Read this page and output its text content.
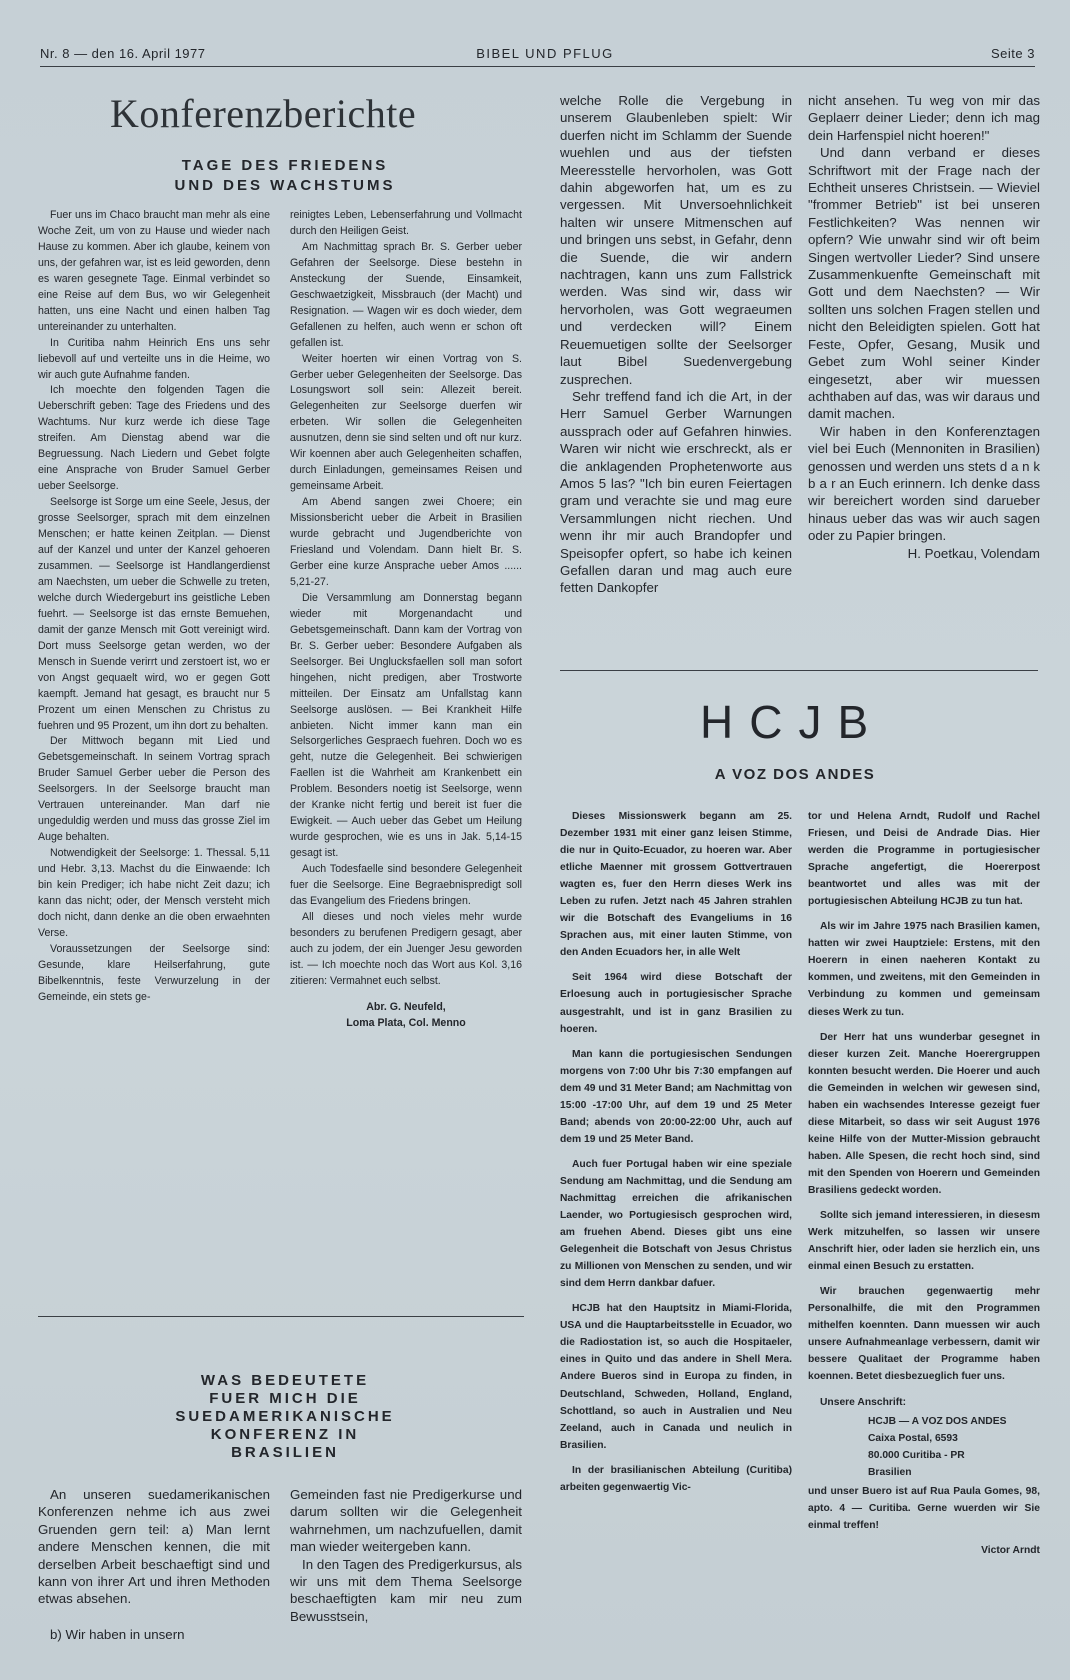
Nr. 8 — den 16. April 1977	BIBEL UND PFLUG	Seite 3
Konferenzberichte
TAGE DES FRIEDENS
UND DES WACHSTUMS

Fuer uns im Chaco braucht man mehr als eine Woche Zeit, um von zu Hause und wieder nach Hause zu kommen. Aber ich glaube, keinem von uns, der gefahren war, ist es leid geworden, denn es waren gesegnete Tage. Einmal verbindet so eine Reise auf dem Bus, wo wir Gelegenheit hatten, uns eine Nacht und einen halben Tag untereinander zu unterhalten.

In Curitiba nahm Heinrich Ens uns sehr liebevoll auf und verteilte uns in die Heime, wo wir auch gute Aufnahme fanden.

Ich moechte den folgenden Tagen die Ueberschrift geben: Tage des Friedens und des Wachtums. Nur kurz werde ich diese Tage streifen. Am Dienstag abend war die Begruessung. Nach Liedern und Gebet folgte eine Ansprache von Bruder Samuel Gerber ueber Seelsorge.

Seelsorge ist Sorge um eine Seele, Jesus, der grosse Seelsorger, sprach mit dem einzelnen Menschen; er hatte keinen Zeitplan. — Dienst auf der Kanzel und unter der Kanzel gehoeren zusammen. — Seelsorge ist Handlangerdienst am Naechsten, um ueber die Schwelle zu treten, welche durch Wiedergeburt ins geistliche Leben fuehrt. — Seelsorge ist das ernste Bemuehen, damit der ganze Mensch mit Gott vereinigt wird. Dort muss Seelsorge getan werden, wo der Mensch in Suende verirrt und zerstoert ist, wo er von Angst gequaelt wird, wo er gegen Gott kaempft. Jemand hat gesagt, es braucht nur 5 Prozent um einen Menschen zu Christus zu fuehren und 95 Prozent, um ihn dort zu behalten.

Der Mittwoch begann mit Lied und Gebetsgemeinschaft. In seinem Vortrag sprach Bruder Samuel Gerber ueber die Person des Seelsorgers. In der Seelsorge braucht man Vertrauen untereinander. Man darf nie ungeduldig werden und muss das grosse Ziel im Auge behalten.

Notwendigkeit der Seelsorge: 1. Thessal. 5,11 und Hebr. 3,13. Machst du die Einwaende: Ich bin kein Prediger; ich habe nicht Zeit dazu; ich kann das nicht; oder, der Mensch versteht mich doch nicht, dann denke an die oben erwaehnten Verse.

Voraussetzungen der Seelsorge sind: Gesunde, klare Heilserfahrung, gute Bibelkenntnis, feste Verwurzelung in der Gemeinde, ein stets ge-

reinigtes Leben, Lebenserfahrung und Vollmacht durch den Heiligen Geist.

Am Nachmittag sprach Br. S. Gerber ueber Gefahren der Seelsorge. Diese bestehn in Ansteckung der Suende, Einsamkeit, Geschwaetzigkeit, Missbrauch (der Macht) und Resignation. — Wagen wir es doch wieder, dem Gefallenen zu helfen, auch wenn er schon oft gefallen ist.

Weiter hoerten wir einen Vortrag von S. Gerber ueber Gelegenheiten der Seelsorge. Das Losungswort soll sein: Allezeit bereit. Gelegenheiten zur Seelsorge duerfen wir erbeten. Wir sollen die Gelegenheiten ausnutzen, denn sie sind selten und oft nur kurz. Wir koennen aber auch Gelegenheiten schaffen, durch Einladungen, gemeinsames Reisen und gemeinsame Arbeit.

Am Abend sangen zwei Choere; ein Missionsbericht ueber die Arbeit in Brasilien wurde gebracht und Jugendberichte von Friesland und Volendam. Dann hielt Br. S. Gerber eine kurze Ansprache ueber Amos ...... 5,21-27.

Die Versammlung am Donnerstag begann wieder mit Morgenandacht und Gebetsgemeinschaft. Dann kam der Vortrag von Br. S. Gerber ueber: Besondere Aufgaben als Seelsorger. Bei Unglucksfaellen soll man sofort hingehen, nicht predigen, aber Trostworte mitteilen. Der Einsatz am Unfallstag kann Seelsorge auslösen. — Bei Krankheit Hilfe anbieten. Nicht immer kann man ein Selsorgerliches Gespraech fuehren. Doch wo es geht, nutze die Gelegenheit. Bei schwierigen Faellen ist die Wahrheit am Krankenbett ein Problem. Besonders noetig ist Seelsorge, wenn der Kranke nicht fertig und bereit ist fuer die Ewigkeit. — Auch ueber das Gebet um Heilung wurde gesprochen, wie es uns in Jak. 5,14-15 gesagt ist.

Auch Todesfaelle sind besondere Gelegenheit fuer die Seelsorge. Eine Begraebnispredigt soll das Evangelium des Friedens bringen.

All dieses und noch vieles mehr wurde besonders zu berufenen Predigern gesagt, aber auch zu jodem, der ein Juenger Jesu geworden ist. — Ich moechte noch das Wort aus Kol. 3,16 zitieren: Vermahnet euch selbst.

Abr. G. Neufeld,
Loma Plata, Col. Menno
WAS BEDEUTETE
FUER MICH DIE
SUEDAMERIKANISCHE
KONFERENZ IN
BRASILIEN

An unseren suedamerikanischen Konferenzen nehme ich aus zwei Gruenden gern teil: a) Man lernt andere Menschen kennen, die mit derselben Arbeit beschaeftigt sind und kann von ihrer Art und ihren Methoden etwas absehen.

b) Wir haben in unsern

Gemeinden fast nie Predigerkurse und darum sollten wir die Gelegenheit wahrnehmen, um nachzufuellen, damit man wieder weitergeben kann.

In den Tagen des Predigerkursus, als wir uns mit dem Thema Seelsorge beschaeftigten kam mir neu zum Bewusstsein,

welche Rolle die Vergebung in unserem Glaubenleben spielt: Wir duerfen nicht im Schlamm der Suende wuehlen und aus der tiefsten Meeresstelle hervorholen, was Gott dahin abgeworfen hat, um es zu vergessen. Mit Unversoehnlichkeit halten wir unsere Mitmenschen auf und bringen uns sebst, in Gefahr, denn die Suende, die wir andern nachtragen, kann uns zum Fallstrick werden. Was sind wir, dass wir hervorholen, was Gott wegraeumen und verdecken will? Einem Reuemuetigen sollte der Seelsorger laut Bibel Suedenvergebung zusprechen.

Sehr treffend fand ich die Art, in der Herr Samuel Gerber Warnungen aussprach oder auf Gefahren hinwies. Waren wir nicht wie erschreckt, als er die anklagenden Prophetenworte aus Amos 5 las? "Ich bin euren Feiertagen gram und verachte sie und mag eure Versammlungen nicht riechen. Und wenn ihr mir auch Brandopfer und Speisopfer opfert, so habe ich keinen Gefallen daran und mag auch eure fetten Dankopfer

nicht ansehen. Tu weg von mir das Geplaerr deiner Lieder; denn ich mag dein Harfenspiel nicht hoeren!"

Und dann verband er dieses Schriftwort mit der Frage nach der Echtheit unseres Christsein. — Wieviel "frommer Betrieb" ist bei unseren Festlichkeiten? Was nennen wir opfern? Wie unwahr sind wir oft beim Singen wertvoller Lieder? Sind unsere Zusammenkuenfte Gemeinschaft mit Gott und dem Naechsten? — Wir sollten uns solchen Fragen stellen und nicht den Beleidigten spielen. Gott hat Feste, Opfer, Gesang, Musik und Gebet zum Wohl seiner Kinder eingesetzt, aber wir muessen achthaben auf das, was wir daraus und damit machen.

Wir haben in den Konferenztagen viel bei Euch (Mennoniten in Brasilien) genossen und werden uns stets d a n k b a r an Euch erinnern. Ich denke dass wir bereichert worden sind darueber hinaus ueber das was wir auch sagen oder zu Papier bringen.

H. Poetkau, Volendam
HCJB
A VOZ DOS ANDES

Dieses Missionswerk begann am 25. Dezember 1931 mit einer ganz leisen Stimme, die nur in Quito-Ecuador, zu hoeren war. Aber etliche Maenner mit grossem Gottvertrauen wagten es, fuer den Herrn dieses Werk ins Leben zu rufen. Jetzt nach 45 Jahren strahlen wir die Botschaft des Evangeliums in 16 Sprachen aus, mit einer lauten Stimme, von den Anden Ecuadors her, in alle Welt

Seit 1964 wird diese Botschaft der Erloesung auch in portugiesischer Sprache ausgestrahlt, und ist in ganz Brasilien zu hoeren.

Man kann die portugiesischen Sendungen morgens von 7:00 Uhr bis 7:30 empfangen auf dem 49 und 31 Meter Band; am Nachmittag von 15:00 -17:00 Uhr, auf dem 19 und 25 Meter Band; abends von 20:00-22:00 Uhr, auch auf dem 19 und 25 Meter Band.

Auch fuer Portugal haben wir eine speziale Sendung am Nachmittag, und die Sendung am Nachmittag erreichen die afrikanischen Laender, wo Portugiesisch gesprochen wird, am fruehen Abend. Dieses gibt uns eine Gelegenheit die Botschaft von Jesus Christus zu Millionen von Menschen zu senden, und wir sind dem Herrn dankbar dafuer.

HCJB hat den Hauptsitz in Miami-Florida, USA und die Hauptarbeitsstelle in Ecuador, wo die Radiostation ist, so auch die Hospitaeler, eines in Quito und das andere in Shell Mera. Andere Bueros sind in Europa zu finden, in Deutschland, Schweden, Holland, England, Schottland, so auch in Australien und Neu Zeeland, auch in Canada und neulich in Brasilien.

In der brasilianischen Abteilung (Curitiba) arbeiten gegenwaertig Vic-

tor und Helena Arndt, Rudolf und Rachel Friesen, und Deisi de Andrade Dias. Hier werden die Programme in portugiesischer Sprache angefertigt, die Hoererpost beantwortet und alles was mit der portugiesischen Abteilung HCJB zu tun hat.

Als wir im Jahre 1975 nach Brasilien kamen, hatten wir zwei Hauptziele: Erstens, mit den Hoerern in einen naeheren Kontakt zu kommen, und zweitens, mit den Gemeinden in Verbindung zu kommen und gemeinsam dieses Werk zu tun.

Der Herr hat uns wunderbar gesegnet in dieser kurzen Zeit. Manche Hoerergruppen konnten besucht werden. Die Hoerer und auch die Gemeinden in welchen wir gewesen sind, haben ein wachsendes Interesse gezeigt fuer diese Mitarbeit, so dass wir seit August 1976 keine Hilfe von der Mutter-Mission gebraucht haben. Alle Spesen, die recht hoch sind, sind mit den Spenden von Hoerern und Gemeinden Brasiliens gedeckt worden.

Sollte sich jemand interessieren, in diesesm Werk mitzuhelfen, so lassen wir unsere Anschrift hier, oder laden sie herzlich ein, uns einmal einen Besuch zu erstatten.

Wir brauchen gegenwaertig mehr Personalhilfe, die mit den Programmen mithelfen koennten. Dann muessen wir auch unsere Aufnahmeanlage verbessern, damit wir bessere Qualitaet der Programme haben koennen. Betet diesbezueglich fuer uns.

Unsere Anschrift:

HCJB — A VOZ DOS ANDES
Caixa Postal, 6593
80.000 Curitiba - PR
Brasilien

und unser Buero ist auf Rua Paula Gomes, 98, apto. 4 — Curitiba. Gerne wuerden wir Sie einmal treffen!

Victor Arndt
